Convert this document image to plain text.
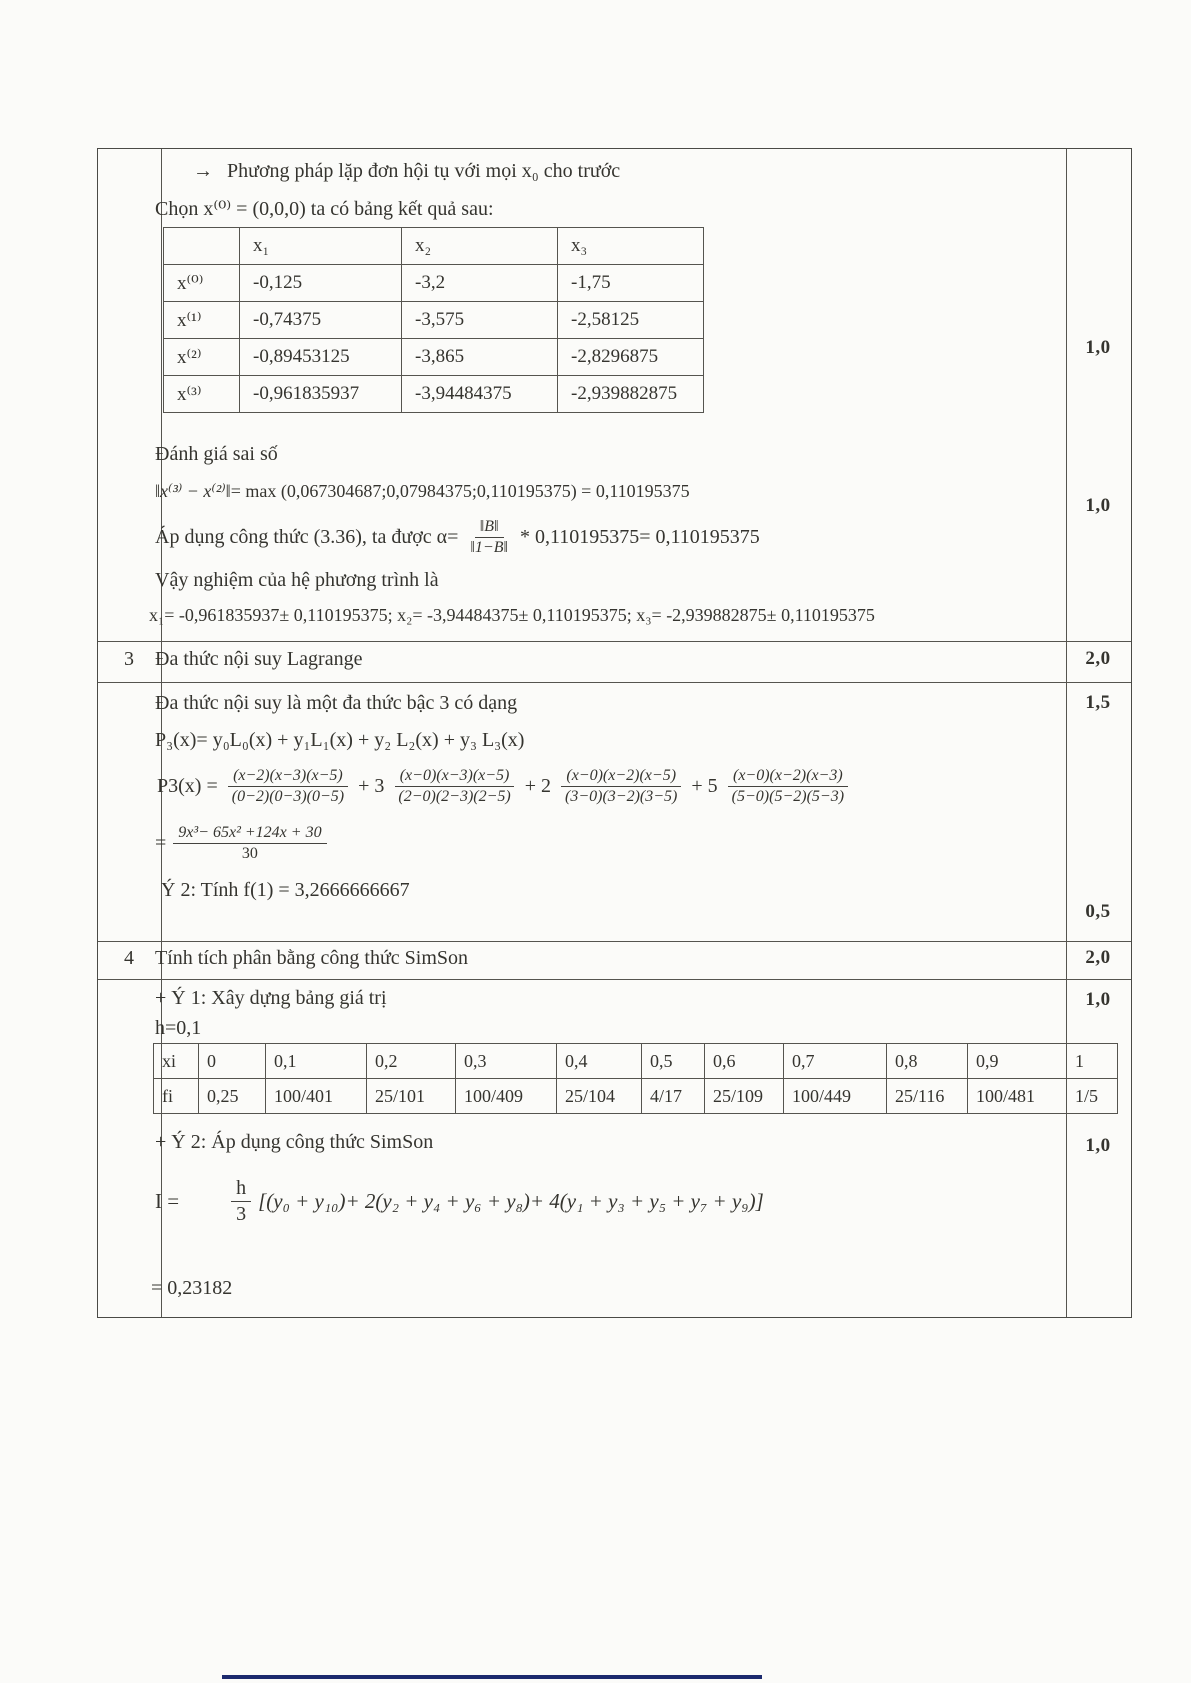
→ Phương pháp lặp đơn hội tụ với mọi x₀ cho trước
Chọn x⁽⁰⁾ = (0,0,0) ta có bảng kết quả sau:
	x₁	x₂	x₃
x⁽⁰⁾	-0,125	-3,2	-1,75
x⁽¹⁾	-0,74375	-3,575	-2,58125
x⁽²⁾	-0,89453125	-3,865	-2,8296875
x⁽³⁾	-0,961835937	-3,94484375	-2,939882875
Đánh giá sai số
‖x⁽³⁾ − x⁽²⁾‖= max (0,067304687;0,07984375;0,110195375) = 0,110195375
Áp dụng công thức (3.36), ta được $\alpha= \frac{‖B‖}{‖1-B‖} * 0,110195375= 0,110195375$
Vậy nghiệm của hệ phương trình là
x₁= -0,961835937± 0,110195375; x₂= -3,94484375± 0,110195375; x₃= -2,939882875± 0,110195375
1,0
1,0
3	Đa thức nội suy Lagrange	2,0
Đa thức nội suy là một đa thức bậc 3 có dạng
P₃(x)= y₀L₀(x) + y₁L₁(x) + y₂ L₂(x) + y₃ L₃(x)
$P3(x) = \frac{(x-2)(x-3)(x-5)}{(0-2)(0-3)(0-5)} + 3 \frac{(x-0)(x-3)(x-5)}{(2-0)(2-3)(2-5)} + 2 \frac{(x-0)(x-2)(x-5)}{(3-0)(3-2)(3-5)} + 5 \frac{(x-0)(x-2)(x-3)}{(5-0)(5-2)(5-3)}$
= $\frac{\text{9x³− 65x² +124x + 30}}{30}$
Ý 2: Tính f(1) = 3,2666666667
1,5
0,5
4	Tính tích phân bằng công thức SimSon	2,0
+ Ý 1: Xây dựng bảng giá trị
h=0,1
xi	0	0,1	0,2	0,3	0,4	0,5	0,6	0,7	0,8	0,9	1
fi	0,25	100/401	25/101	100/409	25/104	4/17	25/109	100/449	25/116	100/481	1/5
+ Ý 2: Áp dụng công thức SimSon
I =	$\frac{h}{3} [(y_0 + y_{10})+ 2(y_2 + y_4 + y_6 + y_8)+ 4(y_1 + y_3 + y_5 + y_7 + y_9)]$
= 0,23182
1,0
1,0
